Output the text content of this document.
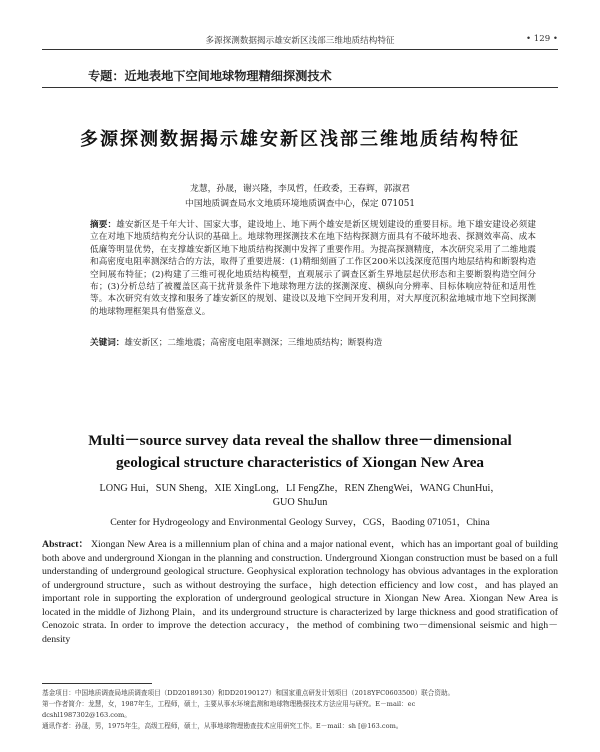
多源探测数据揭示雄安新区浅部三维地质结构特征	• 129 •
专题：近地表地下空间地球物理精细探测技术
多源探测数据揭示雄安新区浅部三维地质结构特征
龙慧，孙晟，谢兴隆，李凤哲，任政委，王春辉，郭淑君
中国地质调查局水文地质环境地质调查中心，保定 071051
摘要：雄安新区是千年大计、国家大事，建设地上、地下两个雄安是新区规划建设的重要目标。地下雄安建设必须建立在对地下地质结构充分认识的基础上。地球物理探测技术在地下结构探测方面具有不破坏地表、探测效率高、成本低廉等明显优势，在支撑雄安新区地下地质结构探测中发挥了重要作用。为提高探测精度，本次研究采用了二维地震和高密度电阻率测深结合的方法，取得了重要进展：(1)精细刻画了工作区200米以浅深度范围内地层结构和断裂构造空间展布特征；(2)构建了三维可视化地质结构模型，直观展示了调查区新生界地层起伏形态和主要断裂构造空间分布；(3)分析总结了被覆盖区高干扰背景条件下地球物理方法的探测深度、横纵向分辨率、目标体响应特征和适用性等。本次研究有效支撑和服务了雄安新区的规划、建设以及地下空间开发利用，对大厚度沉积盆地城市地下空间探测的地球物理框架具有借鉴意义。
关键词：雄安新区；二维地震；高密度电阻率测深；三维地质结构；断裂构造
Multi－source survey data reveal the shallow three－dimensional
geological structure characteristics of Xiongan New Area
LONG Hui，SUN Sheng，XIE XingLong，LI FengZhe，REN ZhengWei，WANG ChunHui，
GUO ShuJun
Center for Hydrogeology and Environmental Geology Survey，CGS，Baoding 071051，China
Abstract： Xiongan New Area is a millennium plan of china and a major national event，which has an important goal of building both above and underground Xiongan in the planning and construction. Underground Xiongan construction must be based on a full understanding of underground geological structure. Geophysical exploration technology has obvious advantages in the exploration of underground structure，such as without destroying the surface，high detection efficiency and low cost，and has played an important role in supporting the exploration of underground geological structure in Xiongan New Area. Xiongan New Area is located in the middle of Jizhong Plain，and its underground structure is characterized by large thickness and good stratification of Cenozoic strata. In order to improve the detection accuracy，the method of combining two－dimensional seismic and high－density
基金项目：中国地质调查局地质调查项目（DD20189130）和DD20190127）和国家重点研发计划项目（2018YFC0603500）联合资助。
第一作者简介：龙慧，女，1987年生，工程师，硕士，主要从事水环境监测和地球物理勘探技术方法应用与研究。E－mail：ec
dcshl1987302@163.com。
通讯作者：孙晟，男，1975年生，高级工程师，硕士，从事地球物理勘查技术应用研究工作。E－mail：sh [@163.com。
